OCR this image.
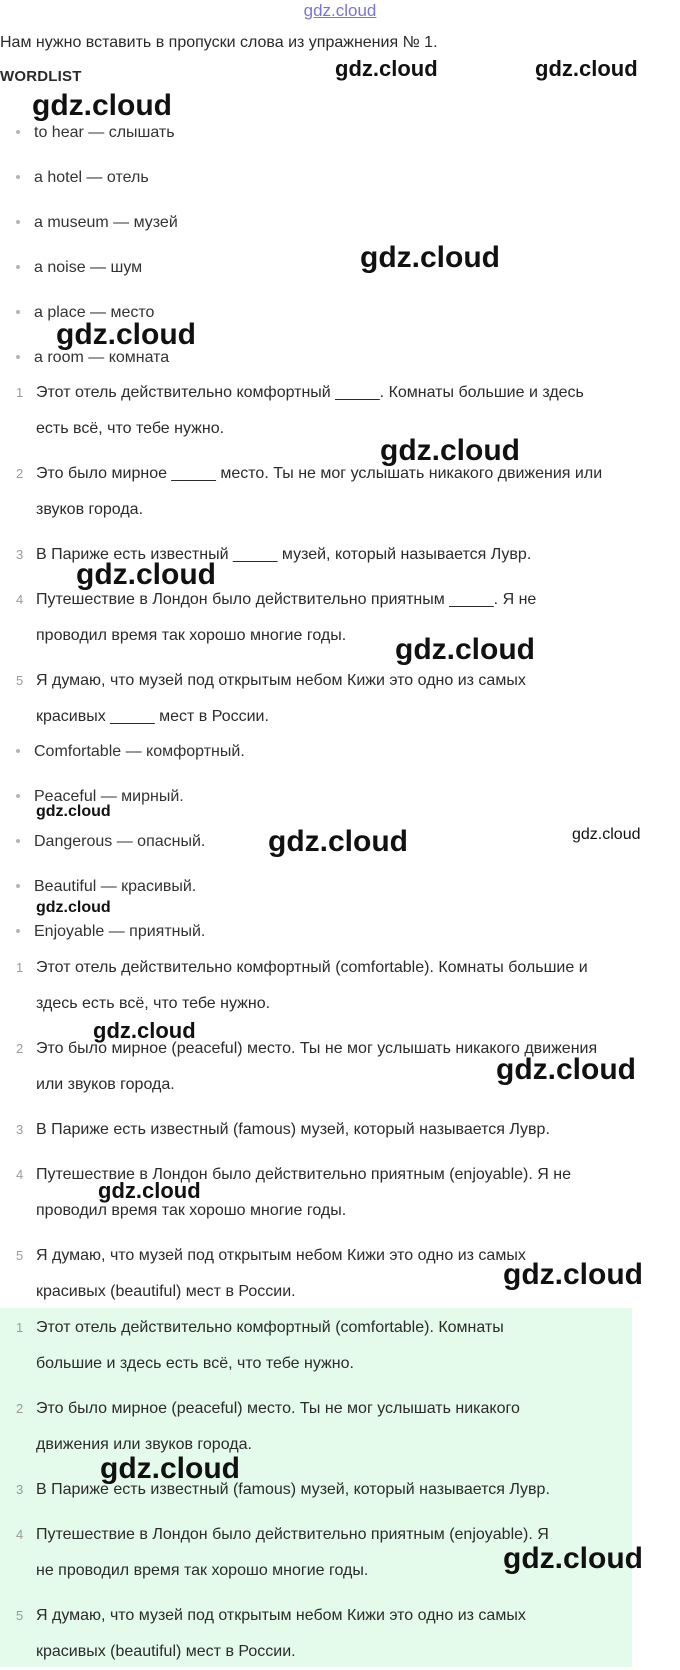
gdz.cloud
Нам нужно вставить в пропуски слова из упражнения № 1.
WORDLIST
to hear — слышать
a hotel — отель
a museum — музей
a noise — шум
a place — место
a room — комната
1 Этот отель действительно комфортный _____. Комнаты большие и здесь
есть всё, что тебе нужно.
2 Это было мирное _____ место. Ты не мог услышать никакого движения или
звуков города.
3 В Париже есть известный _____ музей, который называется Лувр.
4 Путешествие в Лондон было действительно приятным _____. Я не
проводил время так хорошо многие годы.
5 Я думаю, что музей под открытым небом Кижи это одно из самых
красивых _____ мест в России.
Comfortable — комфортный.
Peaceful — мирный.
Dangerous — опасный.
Beautiful — красивый.
Enjoyable — приятный.
1 Этот отель действительно комфортный (comfortable). Комнаты большие и
здесь есть всё, что тебе нужно.
2 Это было мирное (peaceful) место. Ты не мог услышать никакого движения
или звуков города.
3 В Париже есть известный (famous) музей, который называется Лувр.
4 Путешествие в Лондон было действительно приятным (enjoyable). Я не
проводил время так хорошо многие годы.
5 Я думаю, что музей под открытым небом Кижи это одно из самых
красивых (beautiful) мест в России.
1 Этот отель действительно комфортный (comfortable). Комнаты
большие и здесь есть всё, что тебе нужно.
2 Это было мирное (peaceful) место. Ты не мог услышать никакого
движения или звуков города.
3 В Париже есть известный (famous) музей, который называется Лувр.
4 Путешествие в Лондон было действительно приятным (enjoyable). Я
не проводил время так хорошо многие годы.
5 Я думаю, что музей под открытым небом Кижи это одно из самых
красивых (beautiful) мест в России.
gdz.cloud	gdz.cloud
gdz.cloud
gdz.cloud
gdz.cloud
gdz.cloud
gdz.cloud
gdz.cloud
gdz.cloud
gdz.cloud	gdz.cloud
gdz.cloud
gdz.cloud
gdz.cloud
gdz.cloud
gdz.cloud
gdz.cloud
gdz.cloud
